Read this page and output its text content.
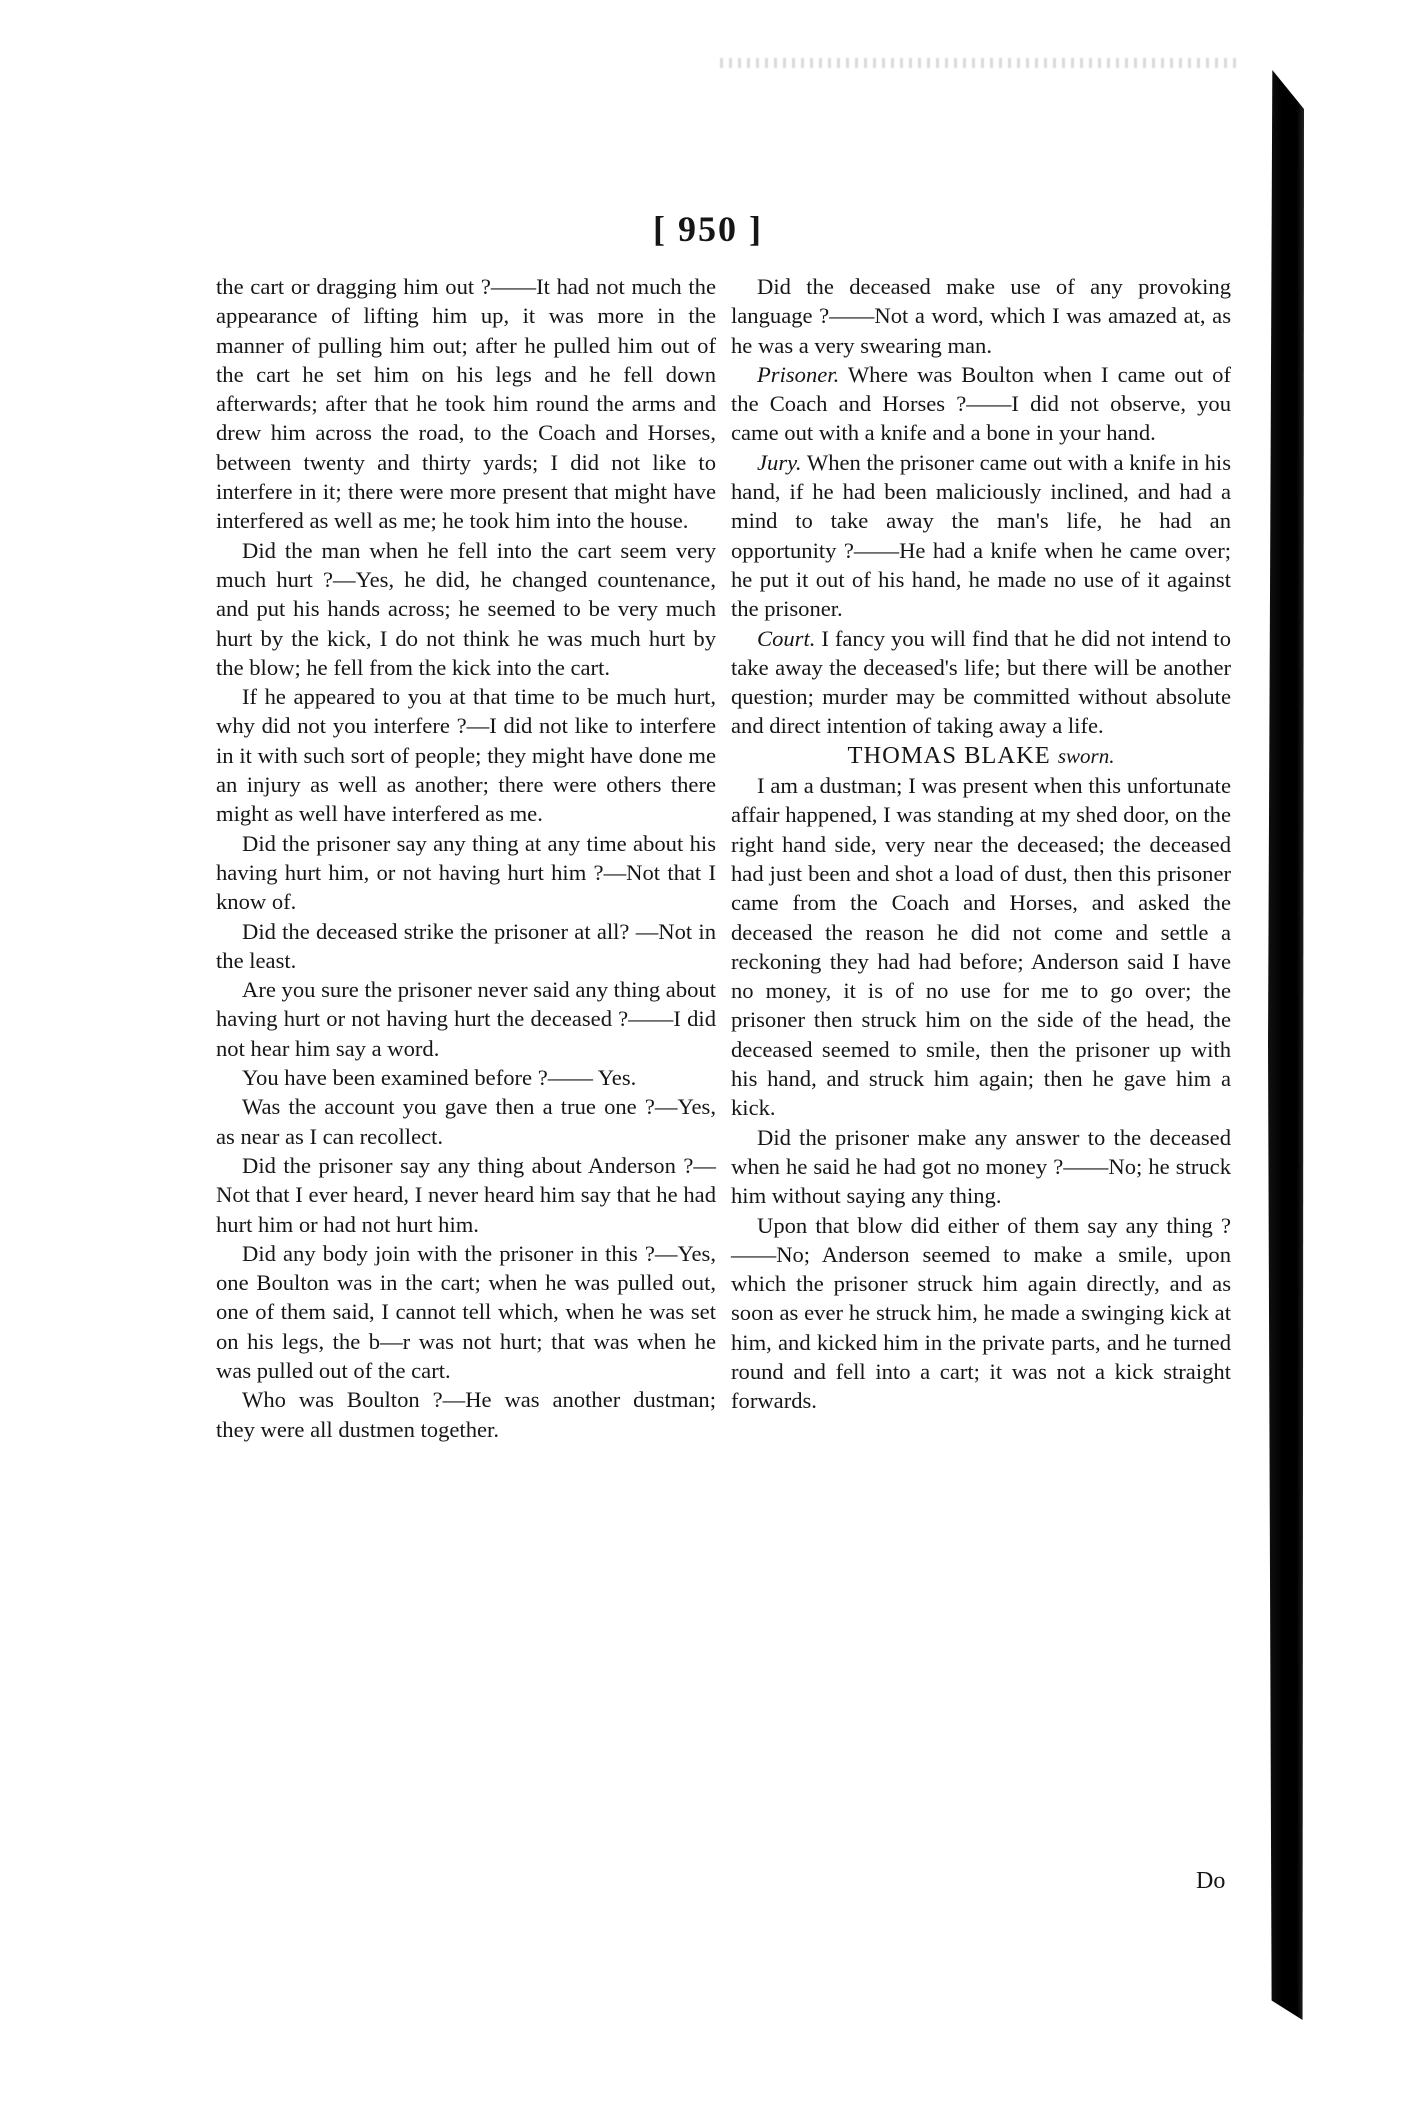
[ 950 ]

the cart or dragging him out ?——It had not much the appearance of lifting him up, it was more in the manner of pulling him out; after he pulled him out of the cart he set him on his legs and he fell down afterwards; after that he took him round the arms and drew him across the road, to the Coach and Horses, between twenty and thirty yards; I did not like to interfere in it; there were more present that might have interfered as well as me; he took him into the house.

Did the man when he fell into the cart seem very much hurt ?—Yes, he did, he changed countenance, and put his hands across; he seemed to be very much hurt by the kick, I do not think he was much hurt by the blow; he fell from the kick into the cart.

If he appeared to you at that time to be much hurt, why did not you interfere ?—I did not like to interfere in it with such sort of people; they might have done me an injury as well as another; there were others there might as well have interfered as me.

Did the prisoner say any thing at any time about his having hurt him, or not having hurt him ?—Not that I know of.

Did the deceased strike the prisoner at all? —Not in the least.

Are you sure the prisoner never said any thing about having hurt or not having hurt the deceased ?——I did not hear him say a word.

You have been examined before ?—— Yes.

Was the account you gave then a true one ?—Yes, as near as I can recollect.

Did the prisoner say any thing about Anderson ?—Not that I ever heard, I never heard him say that he had hurt him or had not hurt him.

Did any body join with the prisoner in this ?—Yes, one Boulton was in the cart; when he was pulled out, one of them said, I cannot tell which, when he was set on his legs, the b—r was not hurt; that was when he was pulled out of the cart.

Who was Boulton ?—He was another dustman; they were all dustmen together.

Did the deceased make use of any provoking language ?——Not a word, which I was amazed at, as he was a very swearing man.

Prisoner. Where was Boulton when I came out of the Coach and Horses ?——I did not observe, you came out with a knife and a bone in your hand.

Jury. When the prisoner came out with a knife in his hand, if he had been maliciously inclined, and had a mind to take away the man's life, he had an opportunity ?——He had a knife when he came over; he put it out of his hand, he made no use of it against the prisoner.

Court. I fancy you will find that he did not intend to take away the deceased's life; but there will be another question; murder may be committed without absolute and direct intention of taking away a life.

THOMAS BLAKE sworn.

I am a dustman; I was present when this unfortunate affair happened, I was standing at my shed door, on the right hand side, very near the deceased; the deceased had just been and shot a load of dust, then this prisoner came from the Coach and Horses, and asked the deceased the reason he did not come and settle a reckoning they had had before; Anderson said I have no money, it is of no use for me to go over; the prisoner then struck him on the side of the head, the deceased seemed to smile, then the prisoner up with his hand, and struck him again; then he gave him a kick.

Did the prisoner make any answer to the deceased when he said he had got no money ?——No; he struck him without saying any thing.

Upon that blow did either of them say any thing ?——No; Anderson seemed to make a smile, upon which the prisoner struck him again directly, and as soon as ever he struck him, he made a swinging kick at him, and kicked him in the private parts, and he turned round and fell into a cart; it was not a kick straight forwards.

Do
